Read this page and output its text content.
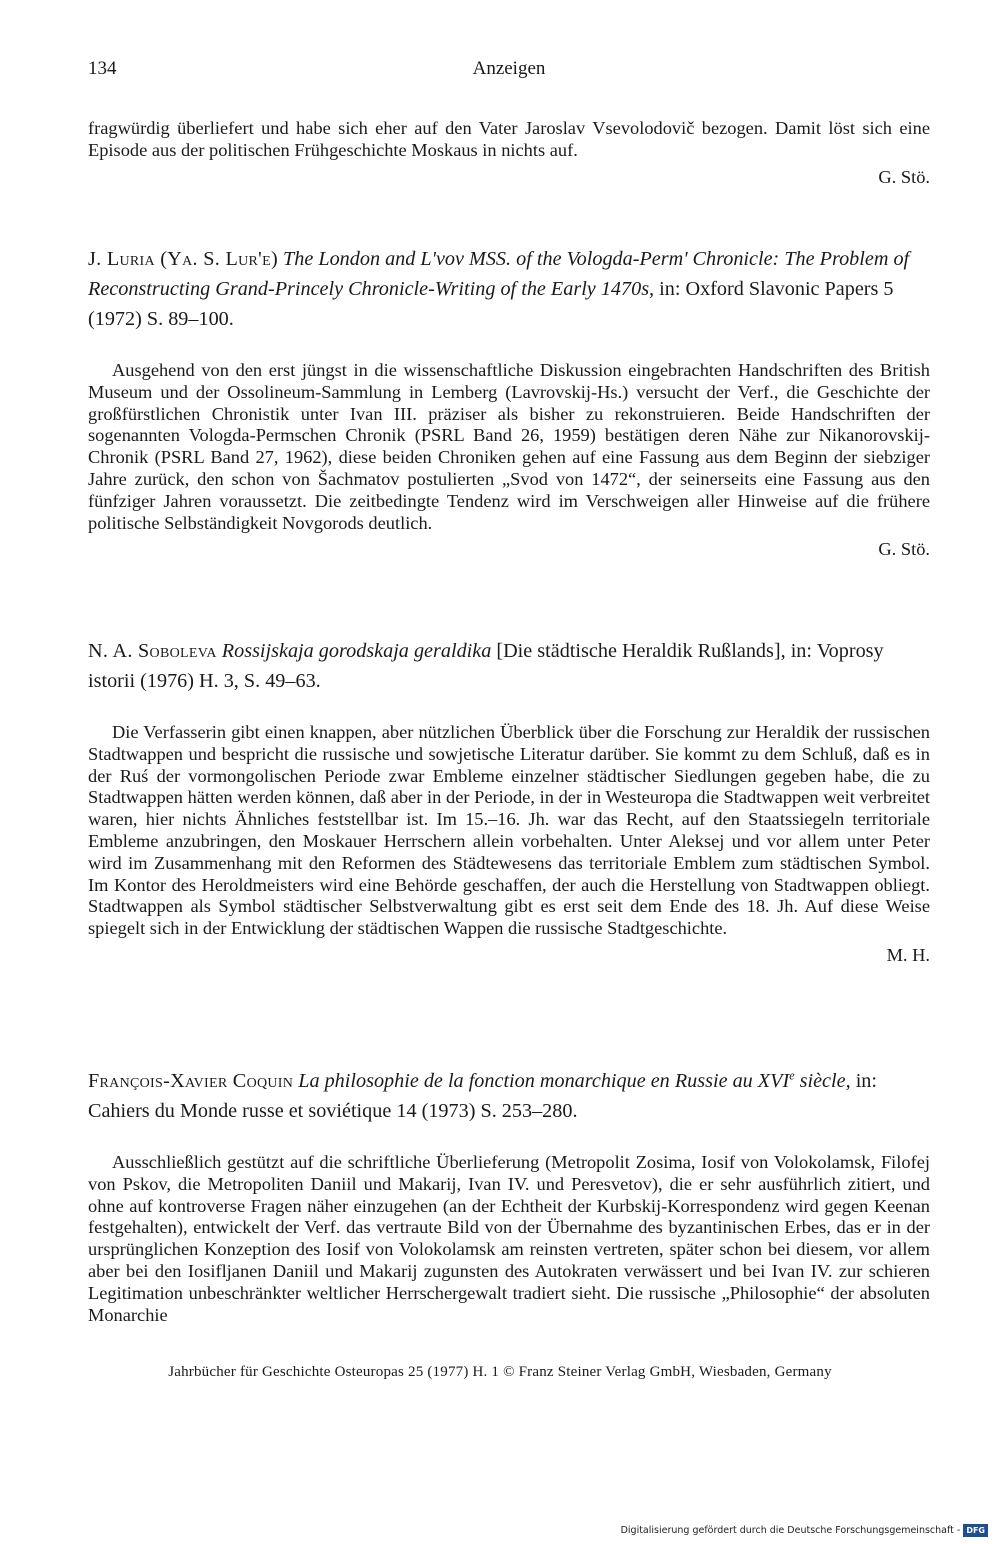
134	Anzeigen

fragwürdig überliefert und habe sich eher auf den Vater Jaroslav Vsevolodovič bezogen. Damit löst sich eine Episode aus der politischen Frühgeschichte Moskaus in nichts auf.

G. Stö.

J. Luria (Ya. S. Lur'e) The London and L'vov MSS. of the Vologda-Perm' Chronicle: The Problem of Reconstructing Grand-Princely Chronicle-Writing of the Early 1470s, in: Oxford Slavonic Papers 5 (1972) S. 89–100.

Ausgehend von den erst jüngst in die wissenschaftliche Diskussion eingebrachten Handschriften des British Museum und der Ossolineum-Sammlung in Lemberg (Lavrovskij-Hs.) versucht der Verf., die Geschichte der großfürstlichen Chronistik unter Ivan III. präziser als bisher zu rekonstruieren. Beide Handschriften der sogenannten Vologda-Permschen Chronik (PSRL Band 26, 1959) bestätigen deren Nähe zur Nikanorovskij-Chronik (PSRL Band 27, 1962), diese beiden Chroniken gehen auf eine Fassung aus dem Beginn der siebziger Jahre zurück, den schon von Šachmatov postulierten „Svod von 1472“, der seinerseits eine Fassung aus den fünfziger Jahren voraussetzt. Die zeitbedingte Tendenz wird im Verschweigen aller Hinweise auf die frühere politische Selbständigkeit Novgorods deutlich.

G. Stö.

N. A. Soboleva Rossijskaja gorodskaja geraldika [Die städtische Heraldik Rußlands], in: Voprosy istorii (1976) H. 3, S. 49–63.

Die Verfasserin gibt einen knappen, aber nützlichen Überblick über die Forschung zur Heraldik der russischen Stadtwappen und bespricht die russische und sowjetische Literatur darüber. Sie kommt zu dem Schluß, daß es in der Ruś der vormongolischen Periode zwar Embleme einzelner städtischer Siedlungen gegeben habe, die zu Stadtwappen hätten werden können, daß aber in der Periode, in der in Westeuropa die Stadtwappen weit verbreitet waren, hier nichts Ähnliches feststellbar ist. Im 15.–16. Jh. war das Recht, auf den Staatssiegeln territoriale Embleme anzubringen, den Moskauer Herrschern allein vorbehalten. Unter Aleksej und vor allem unter Peter wird im Zusammenhang mit den Reformen des Städtewesens das territoriale Emblem zum städtischen Symbol. Im Kontor des Heroldmeisters wird eine Behörde geschaffen, der auch die Herstellung von Stadtwappen obliegt. Stadtwappen als Symbol städtischer Selbstverwaltung gibt es erst seit dem Ende des 18. Jh. Auf diese Weise spiegelt sich in der Entwicklung der städtischen Wappen die russische Stadtgeschichte.

M. H.

François-Xavier Coquin La philosophie de la fonction monarchique en Russie au XVIe siècle, in: Cahiers du Monde russe et soviétique 14 (1973) S. 253–280.

Ausschließlich gestützt auf die schriftliche Überlieferung (Metropolit Zosima, Iosif von Volokolamsk, Filofej von Pskov, die Metropoliten Daniil und Makarij, Ivan IV. und Peresvetov), die er sehr ausführlich zitiert, und ohne auf kontroverse Fragen näher einzugehen (an der Echtheit der Kurbskij-Korrespondenz wird gegen Keenan festgehalten), entwickelt der Verf. das vertraute Bild von der Übernahme des byzantinischen Erbes, das er in der ursprünglichen Konzeption des Iosif von Volokolamsk am reinsten vertreten, später schon bei diesem, vor allem aber bei den Iosifljanen Daniil und Makarij zugunsten des Autokraten verwässert und bei Ivan IV. zur schieren Legitimation unbeschränkter weltlicher Herrschergewalt tradiert sieht. Die russische „Philosophie“ der absoluten Monarchie

Jahrbücher für Geschichte Osteuropas 25 (1977) H. 1 © Franz Steiner Verlag GmbH, Wiesbaden, Germany
Digitalisierung gefördert durch die Deutsche Forschungsgemeinschaft - DFG
